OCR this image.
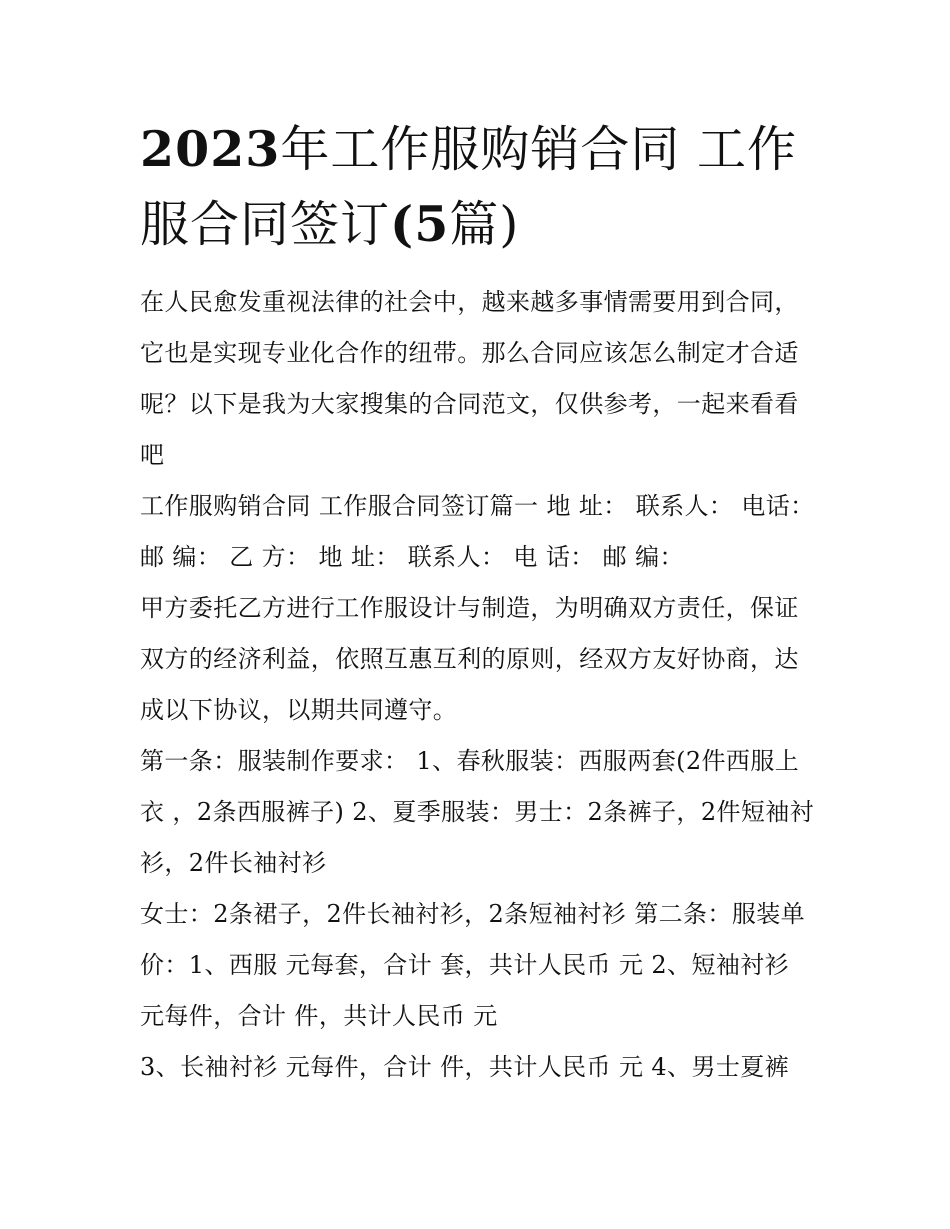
2023年工作服购销合同 工作
服合同签订(5篇)

在人民愈发重视法律的社会中，越来越多事情需要用到合同，它也是实现专业化合作的纽带。那么合同应该怎么制定才合适呢？以下是我为大家搜集的合同范文，仅供参考，一起来看看吧

工作服购销合同 工作服合同签订篇一 地 址： 联系人： 电话： 邮 编： 乙 方： 地 址： 联系人： 电 话： 邮 编：

甲方委托乙方进行工作服设计与制造，为明确双方责任，保证双方的经济利益，依照互惠互利的原则，经双方友好协商，达成以下协议，以期共同遵守。

第一条：服装制作要求： 1、春秋服装：西服两套(2件西服上衣 ，2条西服裤子) 2、夏季服装：男士：2条裤子，2件短袖衬衫，2件长袖衬衫

女士：2条裙子，2件长袖衬衫，2条短袖衬衫 第二条：服装单价：1、西服 元每套，合计 套，共计人民币 元 2、短袖衬衫 元每件，合计 件，共计人民币 元

3、长袖衬衫 元每件，合计 件，共计人民币 元 4、男士夏裤
